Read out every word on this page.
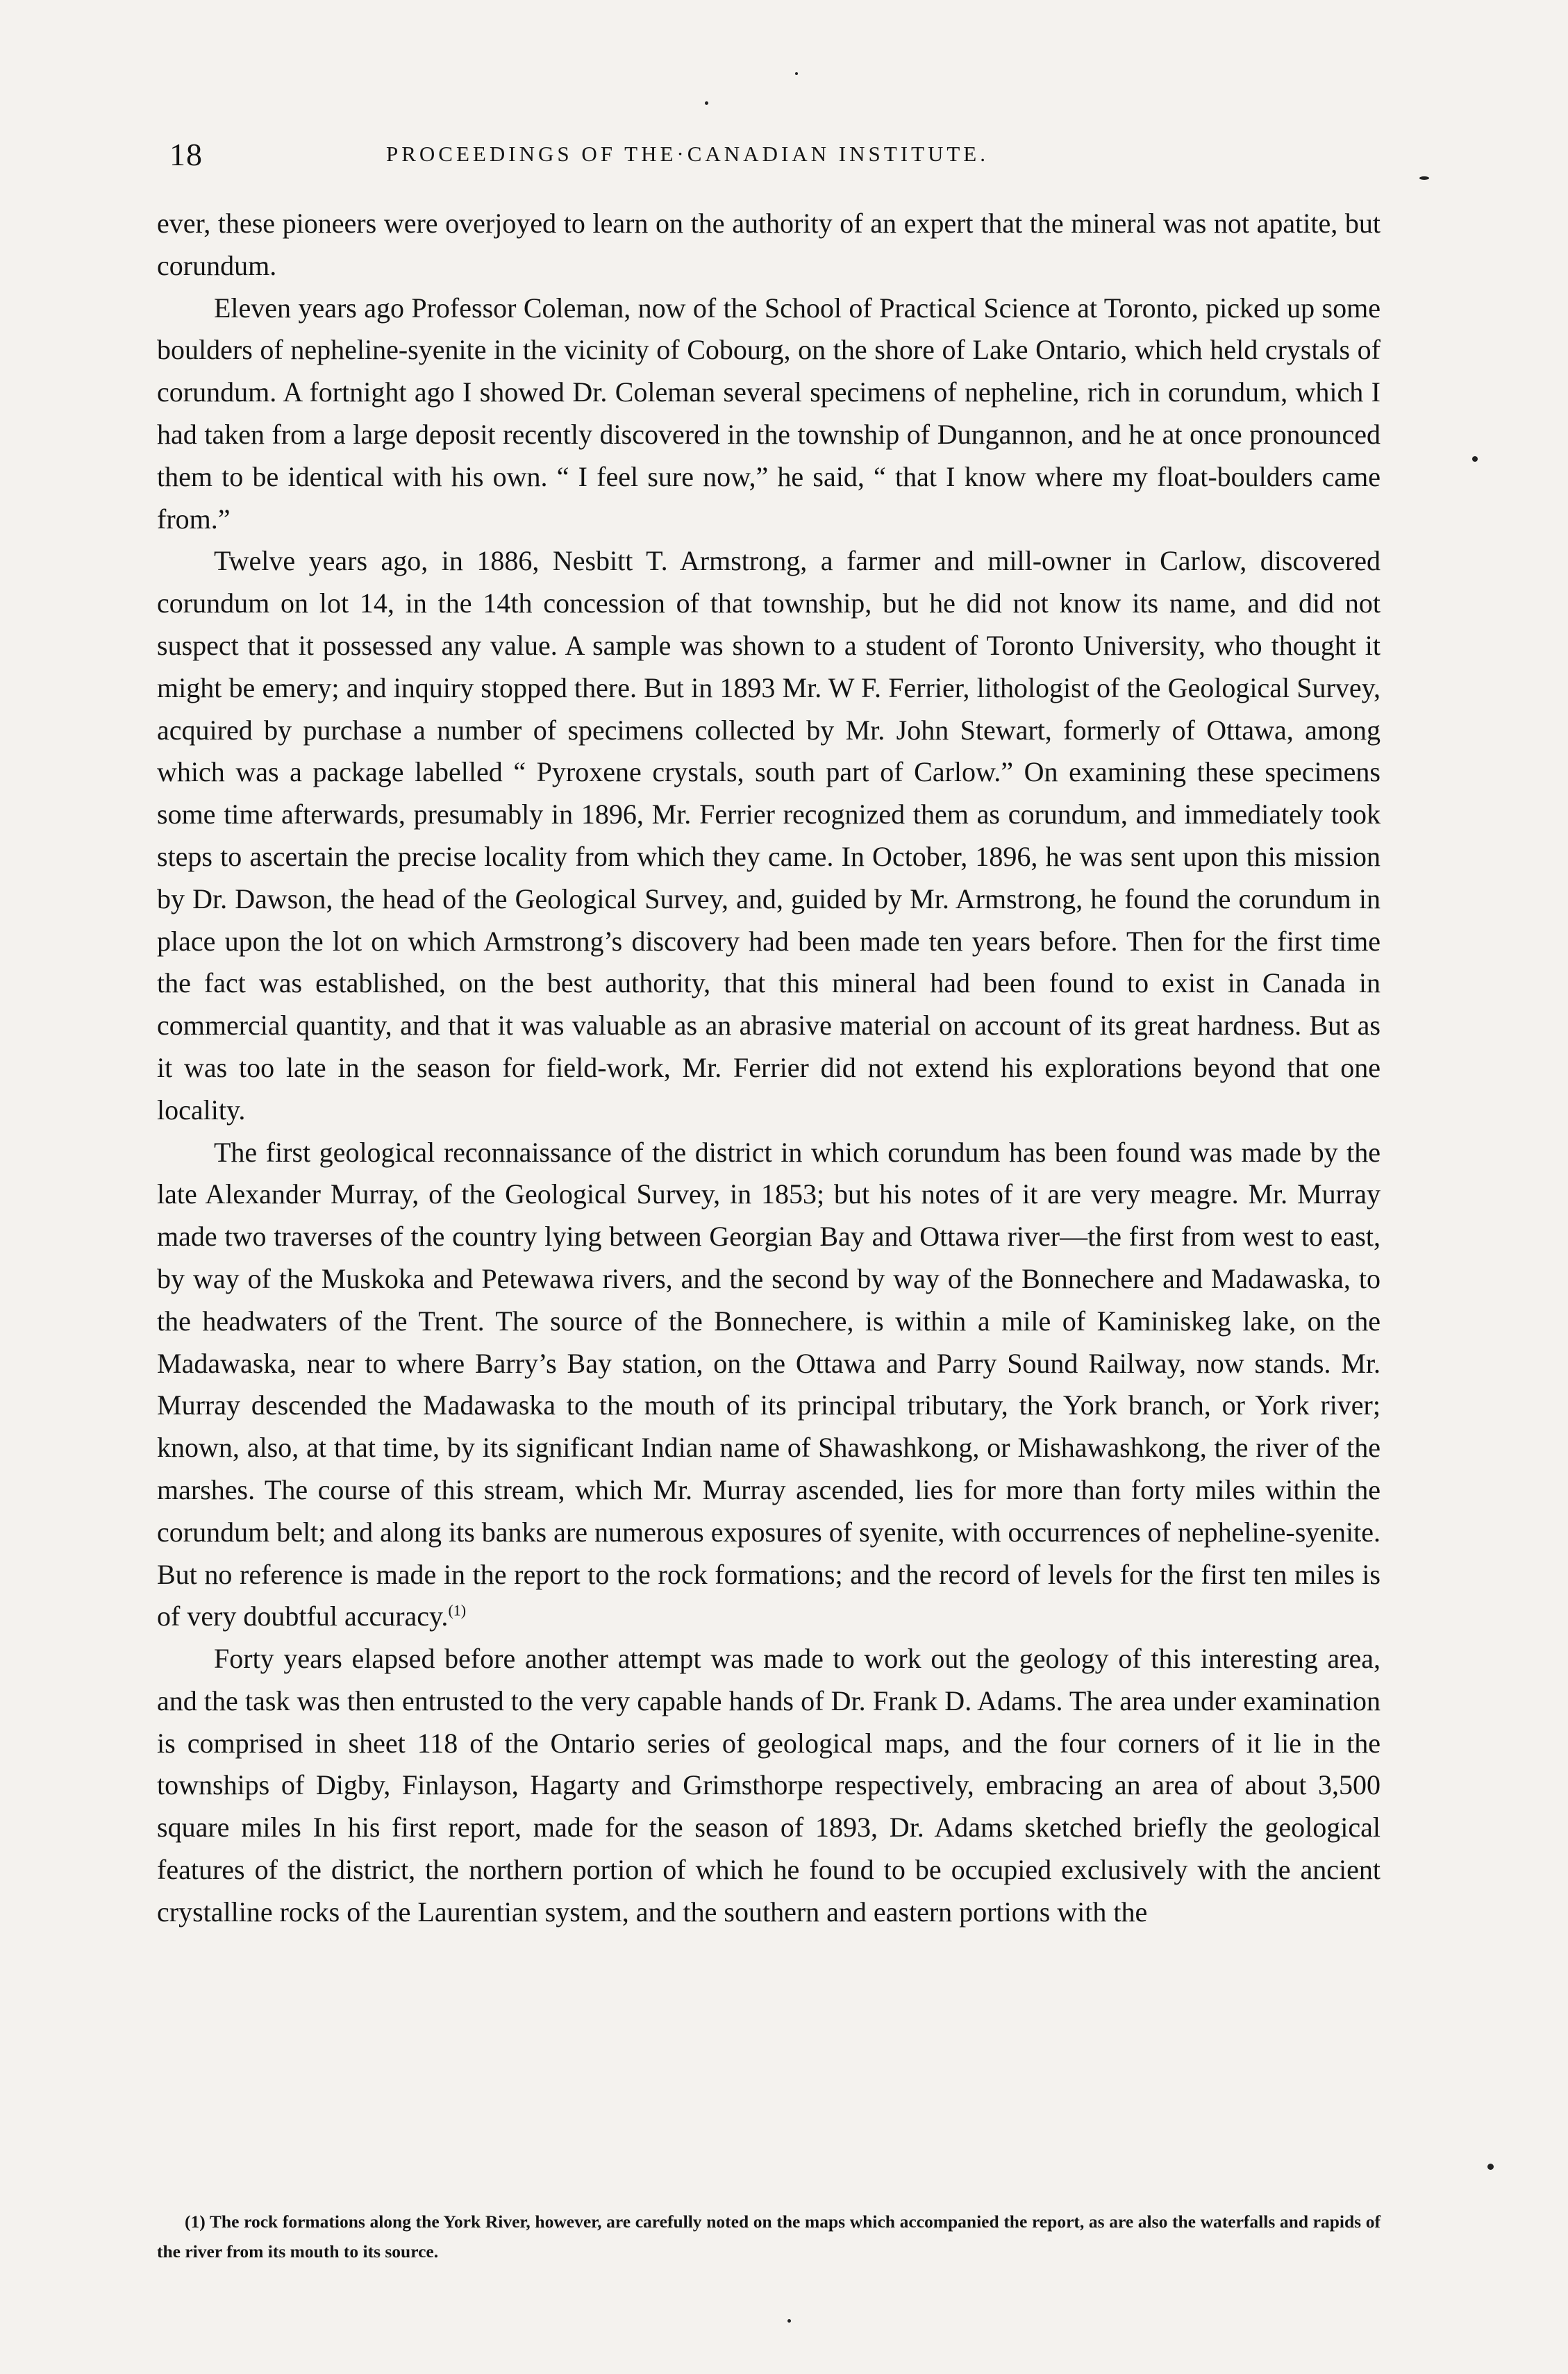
18	PROCEEDINGS OF THE·CANADIAN INSTITUTE.

ever, these pioneers were overjoyed to learn on the authority of an expert that the mineral was not apatite, but corundum.

Eleven years ago Professor Coleman, now of the School of Practical Science at Toronto, picked up some boulders of nepheline-syenite in the vicinity of Cobourg, on the shore of Lake Ontario, which held crystals of corundum. A fortnight ago I showed Dr. Coleman several specimens of nepheline, rich in corundum, which I had taken from a large deposit recently discovered in the township of Dungannon, and he at once pronounced them to be identical with his own. “ I feel sure now,” he said, “ that I know where my float-boulders came from.”

Twelve years ago, in 1886, Nesbitt T. Armstrong, a farmer and mill-owner in Carlow, discovered corundum on lot 14, in the 14th concession of that township, but he did not know its name, and did not suspect that it possessed any value. A sample was shown to a student of Toronto University, who thought it might be emery; and inquiry stopped there. But in 1893 Mr. W F. Ferrier, lithologist of the Geological Survey, acquired by purchase a number of specimens collected by Mr. John Stewart, formerly of Ottawa, among which was a package labelled “ Pyroxene crystals, south part of Carlow.” On examining these specimens some time afterwards, presumably in 1896, Mr. Ferrier recognized them as corundum, and immediately took steps to ascertain the precise locality from which they came. In October, 1896, he was sent upon this mission by Dr. Dawson, the head of the Geological Survey, and, guided by Mr. Armstrong, he found the corundum in place upon the lot on which Armstrong’s discovery had been made ten years before. Then for the first time the fact was established, on the best authority, that this mineral had been found to exist in Canada in commercial quantity, and that it was valuable as an abrasive material on account of its great hardness. But as it was too late in the season for field-work, Mr. Ferrier did not extend his explorations beyond that one locality.

The first geological reconnaissance of the district in which corundum has been found was made by the late Alexander Murray, of the Geological Survey, in 1853; but his notes of it are very meagre. Mr. Murray made two traverses of the country lying between Georgian Bay and Ottawa river—the first from west to east, by way of the Muskoka and Petewawa rivers, and the second by way of the Bonnechere and Madawaska, to the headwaters of the Trent. The source of the Bonnechere, is within a mile of Kaminiskeg lake, on the Madawaska, near to where Barry’s Bay station, on the Ottawa and Parry Sound Railway, now stands. Mr. Murray descended the Madawaska to the mouth of its principal tributary, the York branch, or York river; known, also, at that time, by its significant Indian name of Shawashkong, or Mishawashkong, the river of the marshes. The course of this stream, which Mr. Murray ascended, lies for more than forty miles within the corundum belt; and along its banks are numerous exposures of syenite, with occurrences of nepheline-syenite. But no reference is made in the report to the rock formations; and the record of levels for the first ten miles is of very doubtful accuracy.$^{(1)}$

Forty years elapsed before another attempt was made to work out the geology of this interesting area, and the task was then entrusted to the very capable hands of Dr. Frank D. Adams. The area under examination is comprised in sheet 118 of the Ontario series of geological maps, and the four corners of it lie in the townships of Digby, Finlayson, Hagarty and Grimsthorpe respectively, embracing an area of about 3,500 square miles In his first report, made for the season of 1893, Dr. Adams sketched briefly the geological features of the district, the northern portion of which he found to be occupied exclusively with the ancient crystalline rocks of the Laurentian system, and the southern and eastern portions with the

(1) The rock formations along the York River, however, are carefully noted on the maps which accompanied the report, as are also the waterfalls and rapids of the river from its mouth to its source.
